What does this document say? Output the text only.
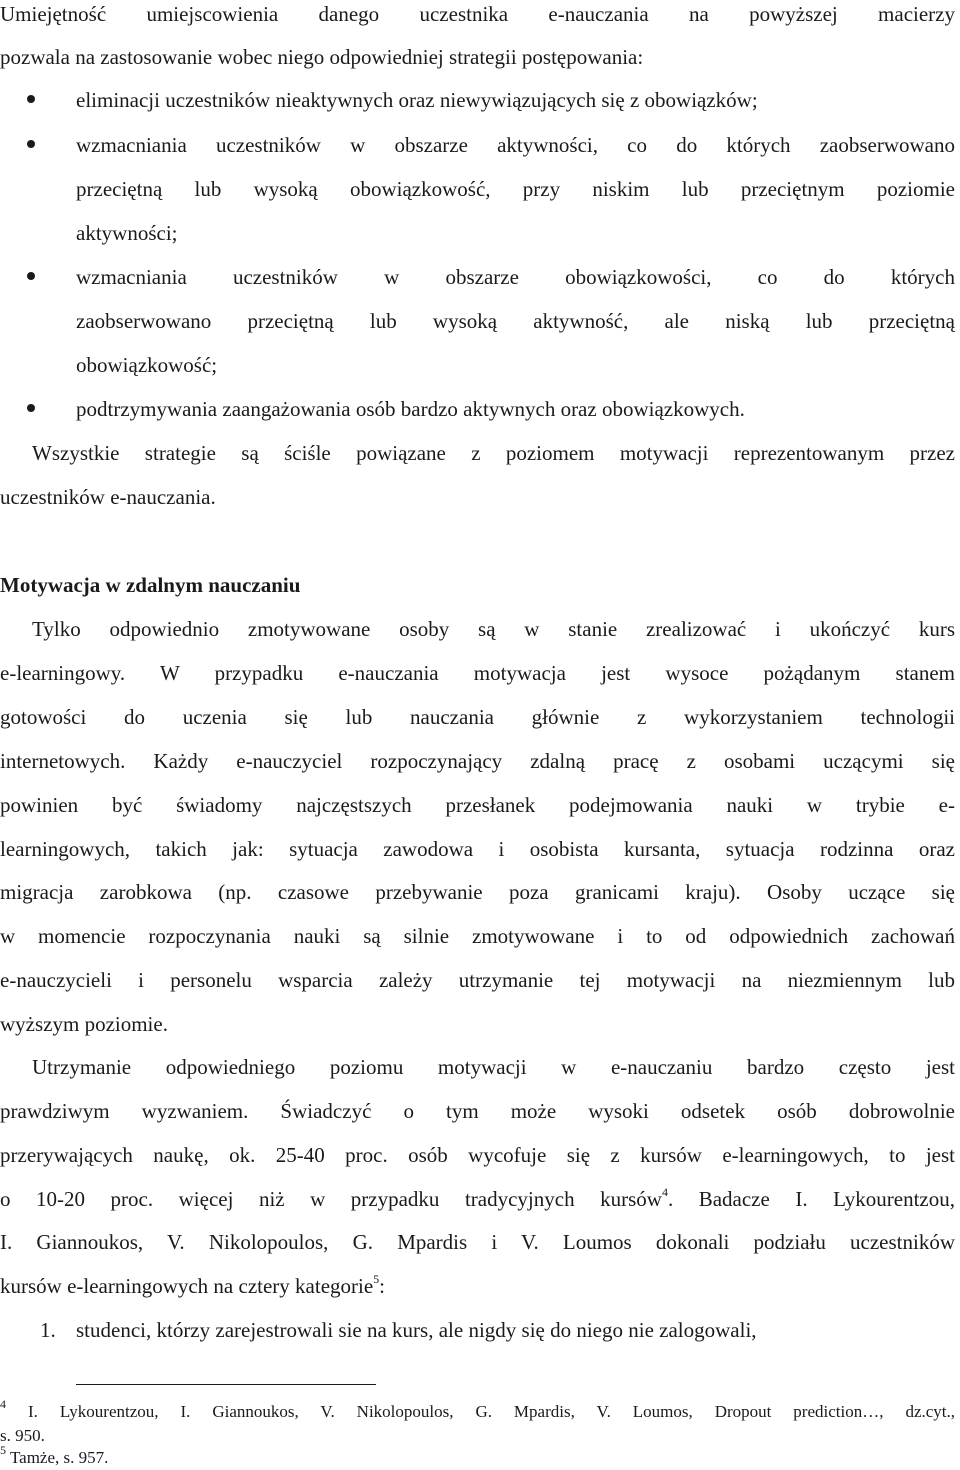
Umiejętność umiejscowienia danego uczestnika e-nauczania na powyższej macierzy
pozwala na zastosowanie wobec niego odpowiedniej strategii postępowania:
eliminacji uczestników nieaktywnych oraz niewywiązujących się z obowiązków;
wzmacniania uczestników w obszarze aktywności, co do których zaobserwowano
przeciętną lub wysoką obowiązkowość, przy niskim lub przeciętnym poziomie
aktywności;
wzmacniania uczestników w obszarze obowiązkowości, co do których
zaobserwowano przeciętną lub wysoką aktywność, ale niską lub przeciętną
obowiązkowość;
podtrzymywania zaangażowania osób bardzo aktywnych oraz obowiązkowych.
Wszystkie strategie są ściśle powiązane z poziomem motywacji reprezentowanym przez
uczestników e-nauczania.
Motywacja w zdalnym nauczaniu
Tylko odpowiednio zmotywowane osoby są w stanie zrealizować i ukończyć kurs
e-learningowy. W przypadku e-nauczania motywacja jest wysoce pożądanym stanem
gotowości do uczenia się lub nauczania głównie z wykorzystaniem technologii
internetowych. Każdy e-nauczyciel rozpoczynający zdalną pracę z osobami uczącymi się
powinien być świadomy najczęstszych przesłanek podejmowania nauki w trybie e-
learningowych, takich jak: sytuacja zawodowa i osobista kursanta, sytuacja rodzinna oraz
migracja zarobkowa (np. czasowe przebywanie poza granicami kraju). Osoby uczące się
w momencie rozpoczynania nauki są silnie zmotywowane i to od odpowiednich zachowań
e-nauczycieli i personelu wsparcia zależy utrzymanie tej motywacji na niezmiennym lub
wyższym poziomie.
Utrzymanie odpowiedniego poziomu motywacji w e-nauczaniu bardzo często jest
prawdziwym wyzwaniem. Świadczyć o tym może wysoki odsetek osób dobrowolnie
przerywających naukę, ok. 25-40 proc. osób wycofuje się z kursów e-learningowych, to jest
o 10-20 proc. więcej niż w przypadku tradycyjnych kursów$^4$. Badacze I. Lykourentzou,
I. Giannoukos, V. Nikolopoulos, G. Mpardis i V. Loumos dokonali podziału uczestników
kursów e-learningowych na cztery kategorie$^5$:
1. studenci, którzy zarejestrowali sie na kurs, ale nigdy się do niego nie zalogowali,
$^4$ I. Lykourentzou, I. Giannoukos, V. Nikolopoulos, G. Mpardis, V. Loumos, Dropout prediction…, dz.cyt.,
s. 950.
$^5$ Tamże, s. 957.
